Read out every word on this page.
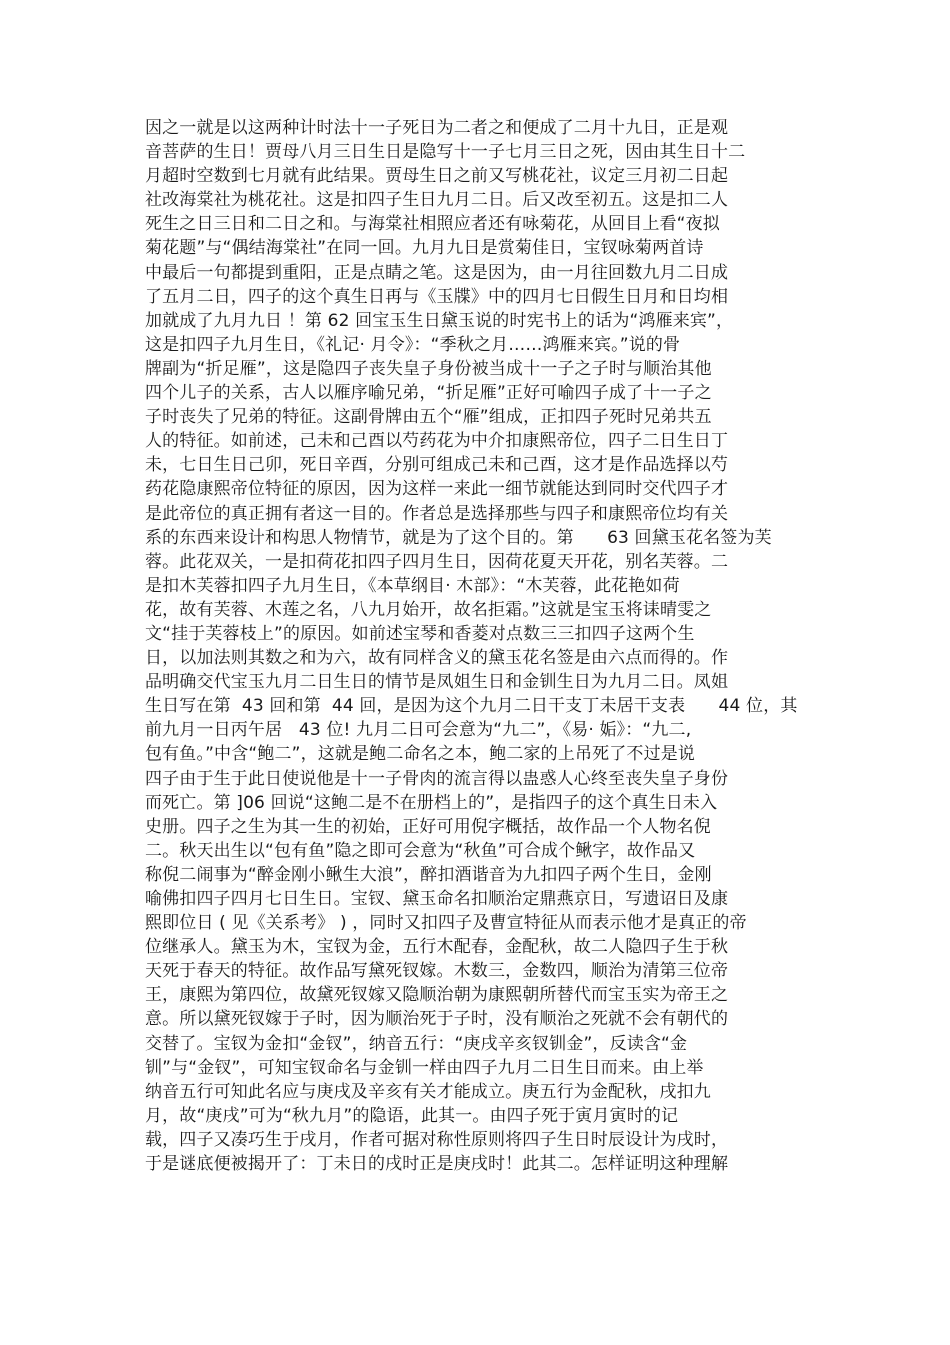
因之一就是以这两种计时法十一子死日为二者之和便成了二月十九日，正是观
音菩萨的生日！贾母八月三日生日是隐写十一子七月三日之死，因由其生日十二
月超时空数到七月就有此结果。贾母生日之前又写桃花社，议定三月初二日起
社改海棠社为桃花社。这是扣四子生日九月二日。后又改至初五。这是扣二人
死生之日三日和二日之和。与海棠社相照应者还有咏菊花，从回目上看“夜拟
菊花题”与“偶结海棠社”在同一回。九月九日是赏菊佳日，宝钗咏菊两首诗
中最后一句都提到重阳，正是点睛之笔。这是因为，由一月往回数九月二日成
了五月二日，四子的这个真生日再与《玉牒》中的四月七日假生日月和日均相
加就成了九月九日 ！第 62 回宝玉生日黛玉说的时宪书上的话为“鸿雁来宾”，
这是扣四子九月生日，《礼记· 月令》：“季秋之月……鸿雁来宾。”说的骨
牌副为“折足雁”，这是隐四子丧失皇子身份被当成十一子之子时与顺治其他
四个儿子的关系，古人以雁序喻兄弟，“折足雁”正好可喻四子成了十一子之
子时丧失了兄弟的特征。这副骨牌由五个“雁”组成，正扣四子死时兄弟共五
人的特征。如前述，己未和己酉以芍药花为中介扣康熙帝位，四子二日生日丁
未，七日生日己卯，死日辛酉，分别可组成己未和己酉，这才是作品选择以芍
药花隐康熙帝位特征的原因，因为这样一来此一细节就能达到同时交代四子才
是此帝位的真正拥有者这一目的。作者总是选择那些与四子和康熙帝位均有关
系的东西来设计和构思人物情节，就是为了这个目的。第      63 回黛玉花名签为芙
蓉。此花双关，一是扣荷花扣四子四月生日，因荷花夏天开花，别名芙蓉。二
是扣木芙蓉扣四子九月生日，《本草纲目· 木部》：“木芙蓉，此花艳如荷
花，故有芙蓉、木莲之名，八九月始开，故名拒霜。”这就是宝玉将诔晴雯之
文“挂于芙蓉枝上”的原因。如前述宝琴和香菱对点数三三扣四子这两个生
日，以加法则其数之和为六，故有同样含义的黛玉花名签是由六点而得的。作
品明确交代宝玉九月二日生日的情节是凤姐生日和金钏生日为九月二日。凤姐
生日写在第  43 回和第  44 回，是因为这个九月二日干支丁未居干支表      44 位，其
前九月一日丙午居   43 位! 九月二日可会意为“九二”，《易· 姤》：“九二,
包有鱼。”中含“鲍二”，这就是鲍二命名之本，鲍二家的上吊死了不过是说
四子由于生于此日使说他是十一子骨肉的流言得以蛊惑人心终至丧失皇子身份
而死亡。第 ]06 回说“这鲍二是不在册档上的”，是指四子的这个真生日未入
史册。四子之生为其一生的初始，正好可用倪字概括，故作品一个人物名倪
二。秋天出生以“包有鱼”隐之即可会意为“秋鱼”可合成个鳅字，故作品又
称倪二闹事为“醉金刚小鳅生大浪”，醉扣酒谐音为九扣四子两个生日，金刚
喻佛扣四子四月七日生日。宝钗、黛玉命名扣顺治定鼎燕京日，写遗诏日及康
熙即位日 ( 见《关系考》 ) ，同时又扣四子及曹宣特征从而表示他才是真正的帝
位继承人。黛玉为木，宝钗为金，五行木配春，金配秋，故二人隐四子生于秋
天死于春天的特征。故作品写黛死钗嫁。木数三，金数四，顺治为清第三位帝
王，康熙为第四位，故黛死钗嫁又隐顺治朝为康熙朝所替代而宝玉实为帝王之
意。所以黛死钗嫁于子时，因为顺治死于子时，没有顺治之死就不会有朝代的
交替了。宝钗为金扣“金钗”，纳音五行：“庚戌辛亥钗钏金”，反读含“金
钏”与“金钗”，可知宝钗命名与金钏一样由四子九月二日生日而来。由上举
纳音五行可知此名应与庚戌及辛亥有关才能成立。庚五行为金配秋，戌扣九
月，故“庚戌”可为“秋九月”的隐语，此其一。由四子死于寅月寅时的记
载，四子又凑巧生于戌月，作者可据对称性原则将四子生日时辰设计为戌时，
于是谜底便被揭开了：丁未日的戌时正是庚戌时！此其二。怎样证明这种理解
